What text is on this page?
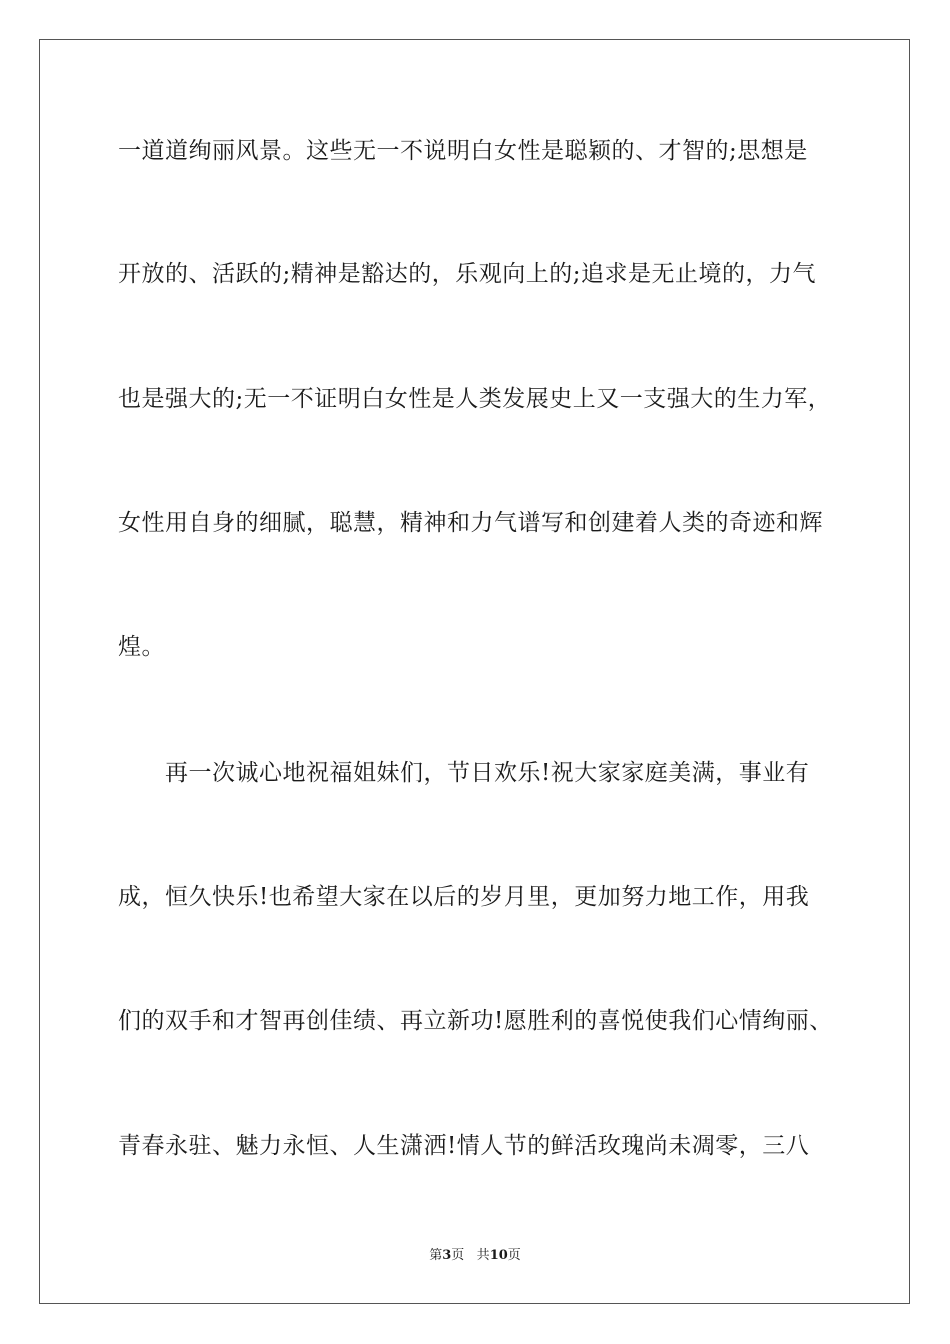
一道道绚丽风景。这些无一不说明白女性是聪颖的、才智的;思想是
开放的、活跃的;精神是豁达的，乐观向上的;追求是无止境的，力气
也是强大的;无一不证明白女性是人类发展史上又一支强大的生力军，
女性用自身的细腻，聪慧，精神和力气谱写和创建着人类的奇迹和辉
煌。
再一次诚心地祝福姐妹们，节日欢乐!祝大家家庭美满，事业有
成，恒久快乐!也希望大家在以后的岁月里，更加努力地工作，用我
们的双手和才智再创佳绩、再立新功!愿胜利的喜悦使我们心情绚丽、
青春永驻、魅力永恒、人生潇洒!情人节的鲜活玫瑰尚未凋零，三八
第3页 共10页
